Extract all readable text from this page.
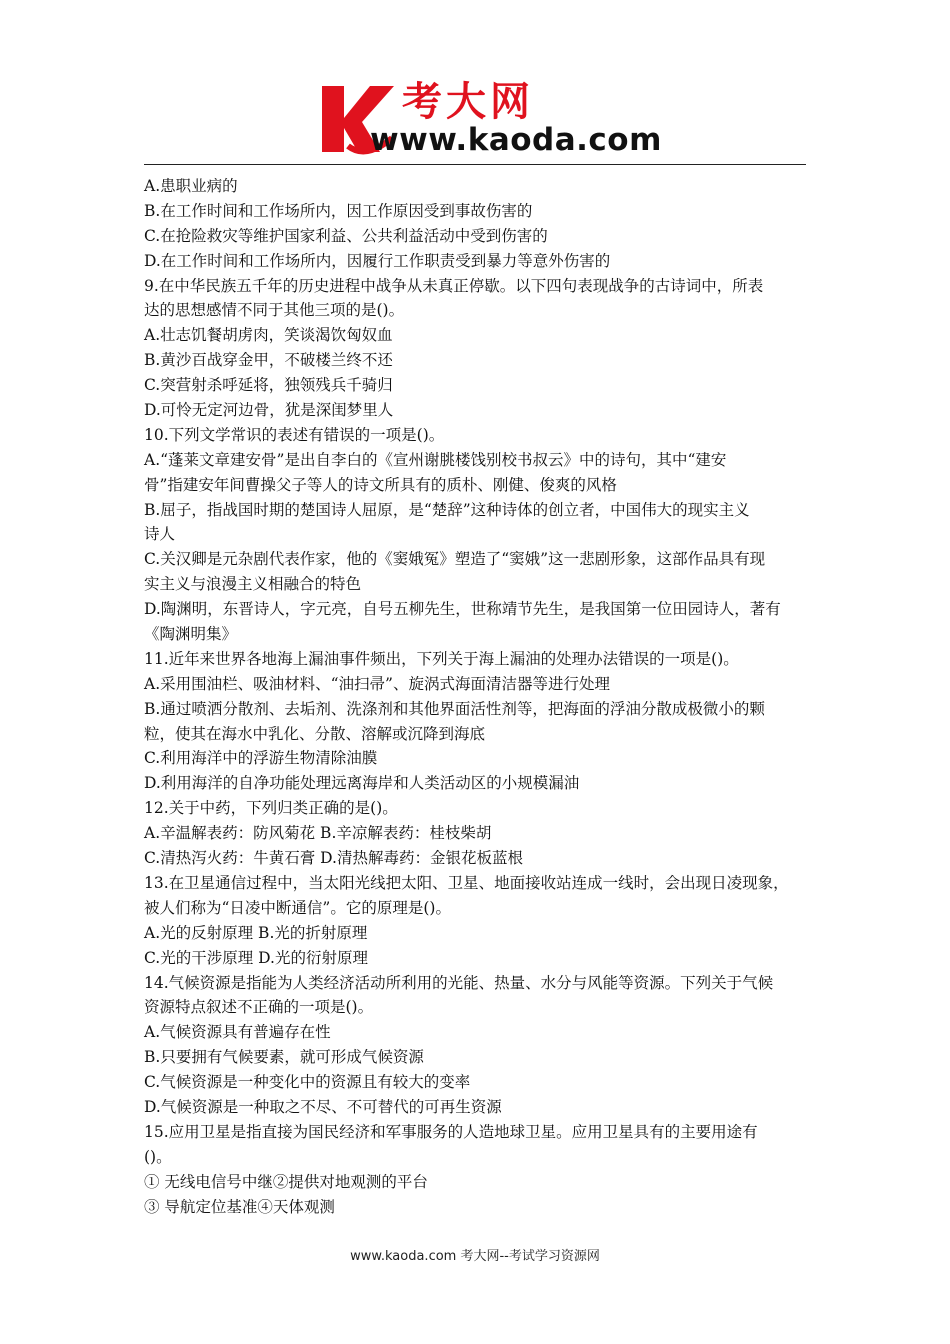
考大网
www.kaoda.com
A.患职业病的
B.在工作时间和工作场所内，因工作原因受到事故伤害的
C.在抢险救灾等维护国家利益、公共利益活动中受到伤害的
D.在工作时间和工作场所内，因履行工作职责受到暴力等意外伤害的
9.在中华民族五千年的历史进程中战争从未真正停歇。以下四句表现战争的古诗词中，所表
达的思想感情不同于其他三项的是()。
A.壮志饥餐胡虏肉，笑谈渴饮匈奴血
B.黄沙百战穿金甲，不破楼兰终不还
C.突营射杀呼延将，独领残兵千骑归
D.可怜无定河边骨，犹是深闺梦里人
10.下列文学常识的表述有错误的一项是()。
A.“蓬莱文章建安骨”是出自李白的《宣州谢朓楼饯别校书叔云》中的诗句，其中“建安
骨”指建安年间曹操父子等人的诗文所具有的质朴、刚健、俊爽的风格
B.屈子，指战国时期的楚国诗人屈原，是“楚辞”这种诗体的创立者，中国伟大的现实主义
诗人
C.关汉卿是元杂剧代表作家，他的《窦娥冤》塑造了“窦娥”这一悲剧形象，这部作品具有现
实主义与浪漫主义相融合的特色
D.陶渊明，东晋诗人，字元亮，自号五柳先生，世称靖节先生，是我国第一位田园诗人，著有
《陶渊明集》
11.近年来世界各地海上漏油事件频出，下列关于海上漏油的处理办法错误的一项是()。
A.采用围油栏、吸油材料、“油扫帚”、旋涡式海面清洁器等进行处理
B.通过喷洒分散剂、去垢剂、洗涤剂和其他界面活性剂等，把海面的浮油分散成极微小的颗
粒，使其在海水中乳化、分散、溶解或沉降到海底
C.利用海洋中的浮游生物清除油膜
D.利用海洋的自净功能处理远离海岸和人类活动区的小规模漏油
12.关于中药，下列归类正确的是()。
A.辛温解表药：防风菊花 B.辛凉解表药：桂枝柴胡
C.清热泻火药：牛黄石膏 D.清热解毒药：金银花板蓝根
13.在卫星通信过程中，当太阳光线把太阳、卫星、地面接收站连成一线时，会出现日凌现象，
被人们称为“日凌中断通信”。它的原理是()。
A.光的反射原理 B.光的折射原理
C.光的干涉原理 D.光的衍射原理
14.气候资源是指能为人类经济活动所利用的光能、热量、水分与风能等资源。下列关于气候
资源特点叙述不正确的一项是()。
A.气候资源具有普遍存在性
B.只要拥有气候要素，就可形成气候资源
C.气候资源是一种变化中的资源且有较大的变率
D.气候资源是一种取之不尽、不可替代的可再生资源
15.应用卫星是指直接为国民经济和军事服务的人造地球卫星。应用卫星具有的主要用途有
()。
① 无线电信号中继②提供对地观测的平台
③ 导航定位基准④天体观测
www.kaoda.com 考大网--考试学习资源网
